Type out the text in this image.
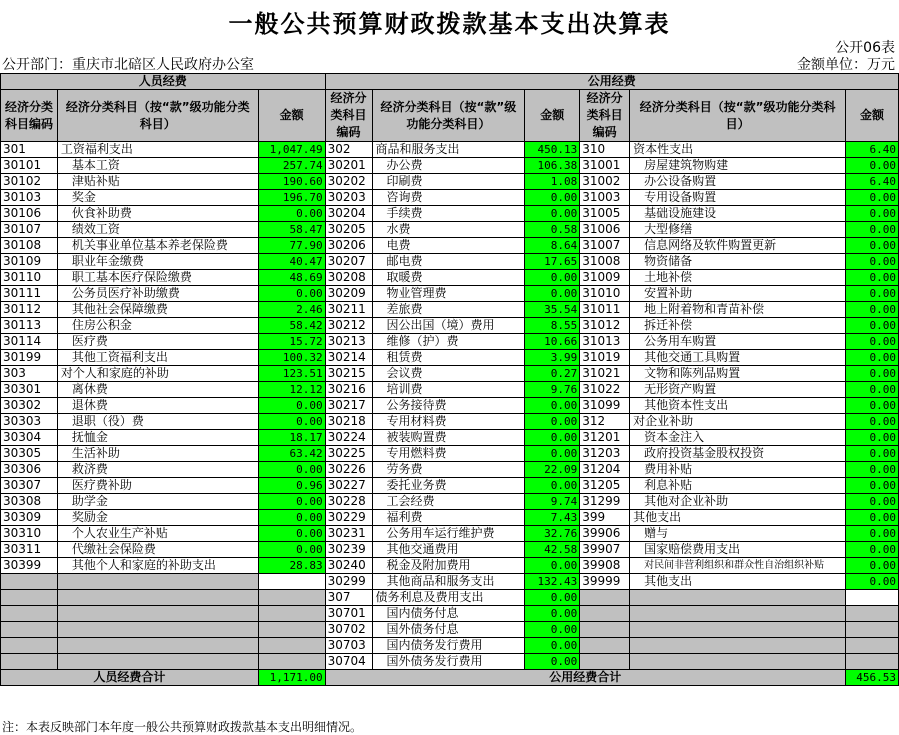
一般公共预算财政拨款基本支出决算表
公开06表
公开部门：重庆市北碚区人民政府办公室	金额单位：万元
人员经费			公用经费					
经济分类科目编码	经济分类科目（按“款”级功能分类科目）	金额	经济分类科目编码	经济分类科目（按“款”级功能分类科目）	金额	经济分类科目编码	经济分类科目（按“款”级功能分类科目）	金额
301	工资福利支出	1,047.49	302	商品和服务支出	450.13	310	资本性支出	6.40
30101	基本工资	257.74	30201	办公费	106.38	31001	房屋建筑物购建	0.00
30102	津贴补贴	190.60	30202	印刷费	1.08	31002	办公设备购置	6.40
30103	奖金	196.70	30203	咨询费	0.00	31003	专用设备购置	0.00
30106	伙食补助费	0.00	30204	手续费	0.00	31005	基础设施建设	0.00
30107	绩效工资	58.47	30205	水费	0.58	31006	大型修缮	0.00
30108	机关事业单位基本养老保险费	77.90	30206	电费	8.64	31007	信息网络及软件购置更新	0.00
30109	职业年金缴费	40.47	30207	邮电费	17.65	31008	物资储备	0.00
30110	职工基本医疗保险缴费	48.69	30208	取暖费	0.00	31009	土地补偿	0.00
30111	公务员医疗补助缴费	0.00	30209	物业管理费	0.00	31010	安置补助	0.00
30112	其他社会保障缴费	2.46	30211	差旅费	35.54	31011	地上附着物和青苗补偿	0.00
30113	住房公积金	58.42	30212	因公出国（境）费用	8.55	31012	拆迁补偿	0.00
30114	医疗费	15.72	30213	维修（护）费	10.66	31013	公务用车购置	0.00
30199	其他工资福利支出	100.32	30214	租赁费	3.99	31019	其他交通工具购置	0.00
303	对个人和家庭的补助	123.51	30215	会议费	0.27	31021	文物和陈列品购置	0.00
30301	离休费	12.12	30216	培训费	9.76	31022	无形资产购置	0.00
30302	退休费	0.00	30217	公务接待费	0.00	31099	其他资本性支出	0.00
30303	退职（役）费	0.00	30218	专用材料费	0.00	312	对企业补助	0.00
30304	抚恤金	18.17	30224	被装购置费	0.00	31201	资本金注入	0.00
30305	生活补助	63.42	30225	专用燃料费	0.00	31203	政府投资基金股权投资	0.00
30306	救济费	0.00	30226	劳务费	22.09	31204	费用补贴	0.00
30307	医疗费补助	0.96	30227	委托业务费	0.00	31205	利息补贴	0.00
30308	助学金	0.00	30228	工会经费	9.74	31299	其他对企业补助	0.00
30309	奖励金	0.00	30229	福利费	7.43	399	其他支出	0.00
30310	个人农业生产补贴	0.00	30231	公务用车运行维护费	32.76	39906	赠与	0.00
30311	代缴社会保险费	0.00	30239	其他交通费用	42.58	39907	国家赔偿费用支出	0.00
30399	其他个人和家庭的补助支出	28.83	30240	税金及附加费用	0.00	39908	对民间非营利组织和群众性自治组织补贴	0.00
			30299	其他商品和服务支出	132.43	39999	其他支出	0.00
			307	债务利息及费用支出	0.00			
			30701	国内债务付息	0.00			
			30702	国外债务付息	0.00			
			30703	国内债务发行费用	0.00			
			30704	国外债务发行费用	0.00			
人员经费合计		1,171.00	公用经费合计					456.53
注：本表反映部门本年度一般公共预算财政拨款基本支出明细情况。
